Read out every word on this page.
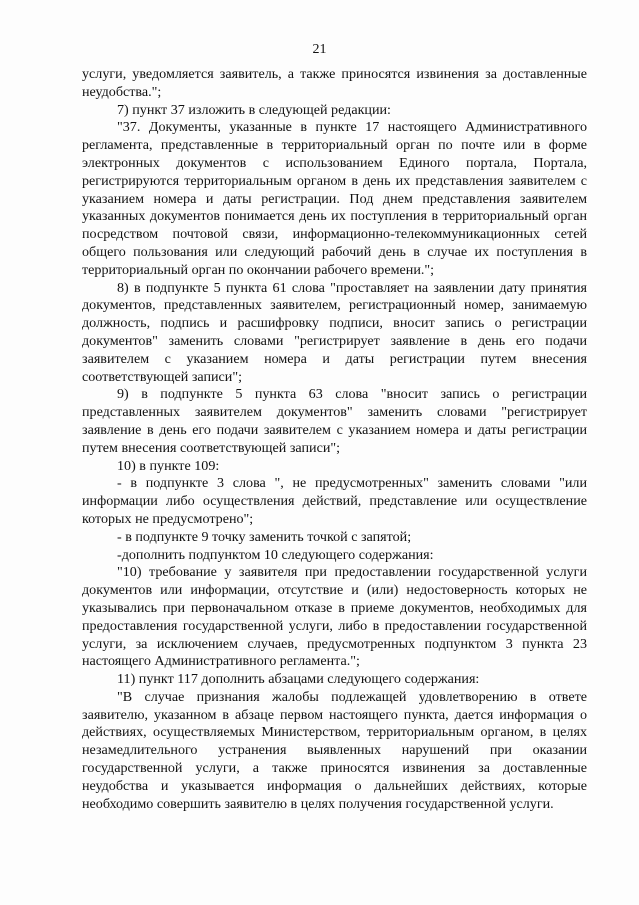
21

услуги, уведомляется заявитель, а также приносятся извинения за доставленные неудобства.";

7) пункт 37 изложить в следующей редакции:

"37. Документы, указанные в пункте 17 настоящего Административного регламента, представленные в территориальный орган по почте или в форме электронных документов с использованием Единого портала, Портала, регистрируются территориальным органом в день их представления заявителем с указанием номера и даты регистрации. Под днем представления заявителем указанных документов понимается день их поступления в территориальный орган посредством почтовой связи, информационно-телекоммуникационных сетей общего пользования или следующий рабочий день в случае их поступления в территориальный орган по окончании рабочего времени.";

8) в подпункте 5 пункта 61 слова "проставляет на заявлении дату принятия документов, представленных заявителем, регистрационный номер, занимаемую должность, подпись и расшифровку подписи, вносит запись о регистрации документов" заменить словами "регистрирует заявление в день его подачи заявителем с указанием номера и даты регистрации путем внесения соответствующей записи";

9) в подпункте 5 пункта 63 слова "вносит запись о регистрации представленных заявителем документов" заменить словами "регистрирует заявление в день его подачи заявителем с указанием номера и даты регистрации путем внесения соответствующей записи";

10) в пункте 109:

- в подпункте 3 слова ", не предусмотренных" заменить словами "или информации либо осуществления действий, представление или осуществление которых не предусмотрено";

- в подпункте 9 точку заменить точкой с запятой;

-дополнить подпунктом 10 следующего содержания:

"10) требование у заявителя при предоставлении государственной услуги документов или информации, отсутствие и (или) недостоверность которых не указывались при первоначальном отказе в приеме документов, необходимых для предоставления государственной услуги, либо в предоставлении государственной услуги, за исключением случаев, предусмотренных подпунктом 3 пункта 23 настоящего Административного регламента.";

11) пункт 117 дополнить абзацами следующего содержания:

"В случае признания жалобы подлежащей удовлетворению в ответе заявителю, указанном в абзаце первом настоящего пункта, дается информация о действиях, осуществляемых Министерством, территориальным органом, в целях незамедлительного устранения выявленных нарушений при оказании государственной услуги, а также приносятся извинения за доставленные неудобства и указывается информация о дальнейших действиях, которые необходимо совершить заявителю в целях получения государственной услуги.
